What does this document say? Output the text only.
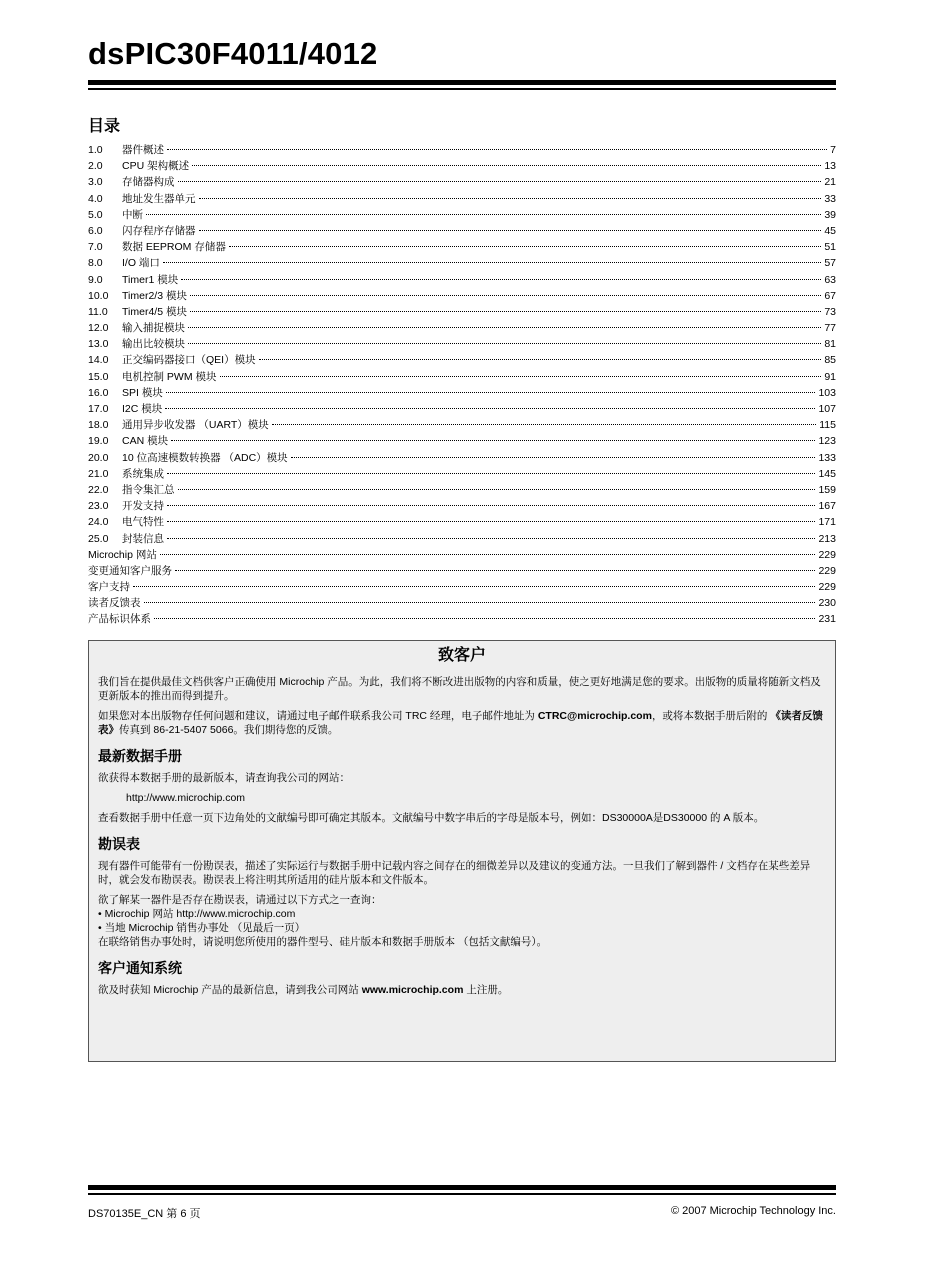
dsPIC30F4011/4012
目录
1.0	器件概述	7
2.0	CPU 架构概述	13
3.0	存储器构成	21
4.0	地址发生器单元	33
5.0	中断	39
6.0	闪存程序存储器	45
7.0	数据 EEPROM 存储器	51
8.0	I/O 端口	57
9.0	Timer1 模块	63
10.0	Timer2/3 模块	67
11.0	Timer4/5 模块	73
12.0	输入捕捉模块	77
13.0	输出比较模块	81
14.0	正交编码器接口（QEI）模块	85
15.0	电机控制 PWM 模块	91
16.0	SPI 模块	103
17.0	I2C 模块	107
18.0	通用异步收发器 （UART）模块	115
19.0	CAN 模块	123
20.0	10 位高速模数转换器 （ADC）模块	133
21.0	系统集成	145
22.0	指令集汇总	159
23.0	开发支持	167
24.0	电气特性	171
25.0	封装信息	213
Microchip 网站	229
变更通知客户服务	229
客户支持	229
读者反馈表	230
产品标识体系	231
致客户

我们旨在提供最佳文档供客户正确使用 Microchip 产品。为此，我们将不断改进出版物的内容和质量，使之更好地满足您的要求。出版物的质量将随新文档及更新版本的推出而得到提升。

如果您对本出版物存任何问题和建议，请通过电子邮件联系我公司 TRC 经理，电子邮件地址为 CTRC@microchip.com，或将本数据手册后附的 《读者反馈表》传真到 86-21-5407 5066。我们期待您的反馈。

最新数据手册

欲获得本数据手册的最新版本，请查询我公司的网站：

http://www.microchip.com

查看数据手册中任意一页下边角处的文献编号即可确定其版本。文献编号中数字串后的字母是版本号，例如：DS30000A是DS30000 的 A 版本。

勘误表

现有器件可能带有一份勘误表，描述了实际运行与数据手册中记载内容之间存在的细微差异以及建议的变通方法。一旦我们了解到器件 / 文档存在某些差异时，就会发布勘误表。勘误表上将注明其所适用的硅片版本和文件版本。

欲了解某一器件是否存在勘误表，请通过以下方式之一查询：

• Microchip 网站 http://www.microchip.com

• 当地 Microchip 销售办事处 （见最后一页）

在联络销售办事处时，请说明您所使用的器件型号、硅片版本和数据手册版本 （包括文献编号）。

客户通知系统

欲及时获知 Microchip 产品的最新信息，请到我公司网站 www.microchip.com 上注册。

DS70135E_CN 第 6 页	© 2007 Microchip Technology Inc.
